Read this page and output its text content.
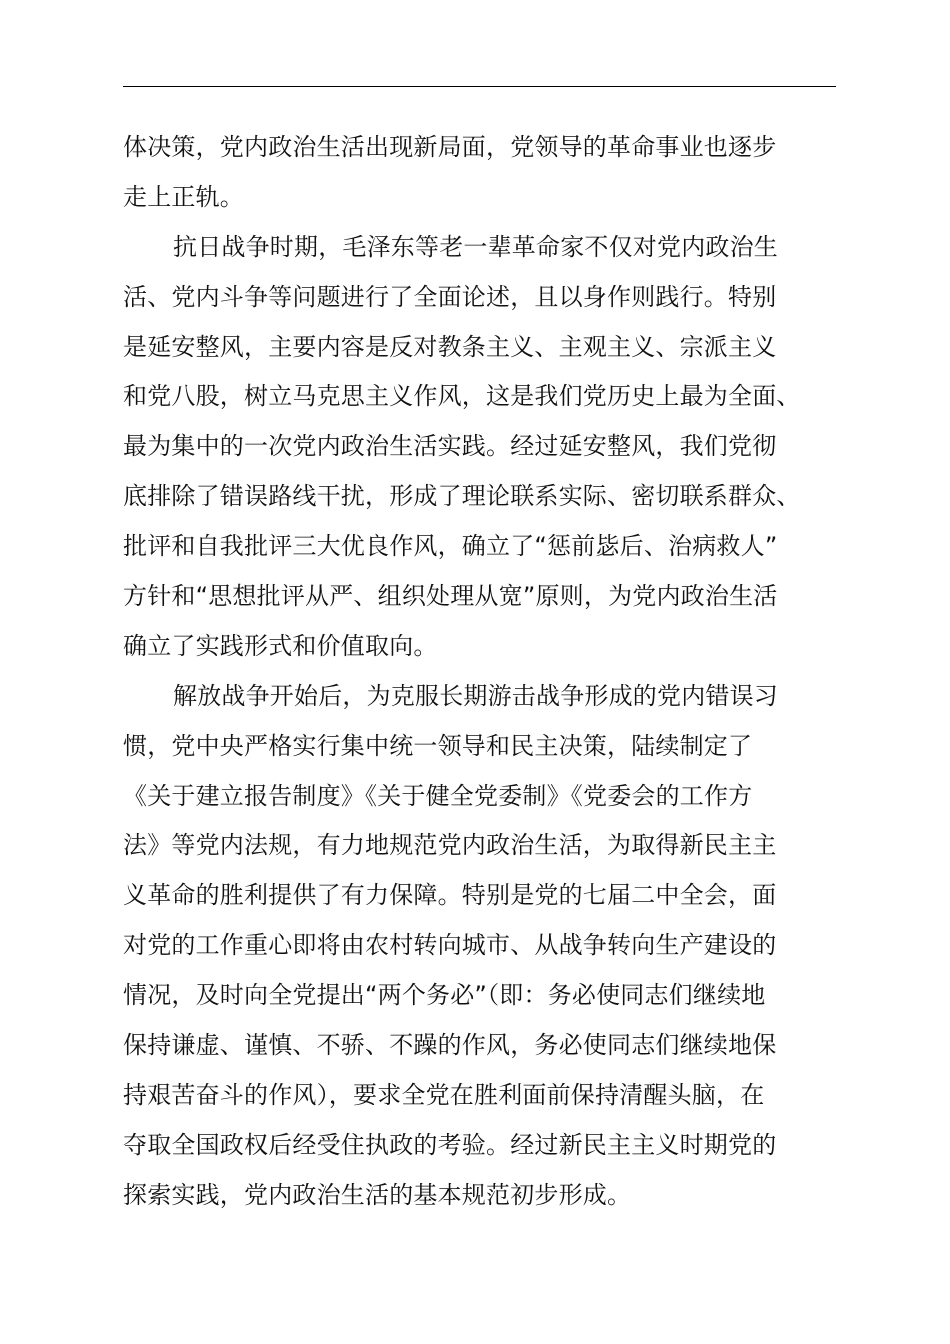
体决策，党内政治生活出现新局面，党领导的革命事业也逐步
走上正轨。
抗日战争时期，毛泽东等老一辈革命家不仅对党内政治生
活、党内斗争等问题进行了全面论述，且以身作则践行。特别
是延安整风，主要内容是反对教条主义、主观主义、宗派主义
和党八股，树立马克思主义作风，这是我们党历史上最为全面、
最为集中的一次党内政治生活实践。经过延安整风，我们党彻
底排除了错误路线干扰，形成了理论联系实际、密切联系群众、
批评和自我批评三大优良作风，确立了“惩前毖后、治病救人”
方针和“思想批评从严、组织处理从宽”原则，为党内政治生活
确立了实践形式和价值取向。
解放战争开始后，为克服长期游击战争形成的党内错误习
惯，党中央严格实行集中统一领导和民主决策，陆续制定了
《关于建立报告制度》《关于健全党委制》《党委会的工作方
法》等党内法规，有力地规范党内政治生活，为取得新民主主
义革命的胜利提供了有力保障。特别是党的七届二中全会，面
对党的工作重心即将由农村转向城市、从战争转向生产建设的
情况，及时向全党提出“两个务必”（即：务必使同志们继续地
保持谦虚、谨慎、不骄、不躁的作风，务必使同志们继续地保
持艰苦奋斗的作风），要求全党在胜利面前保持清醒头脑，在
夺取全国政权后经受住执政的考验。经过新民主主义时期党的
探索实践，党内政治生活的基本规范初步形成。
